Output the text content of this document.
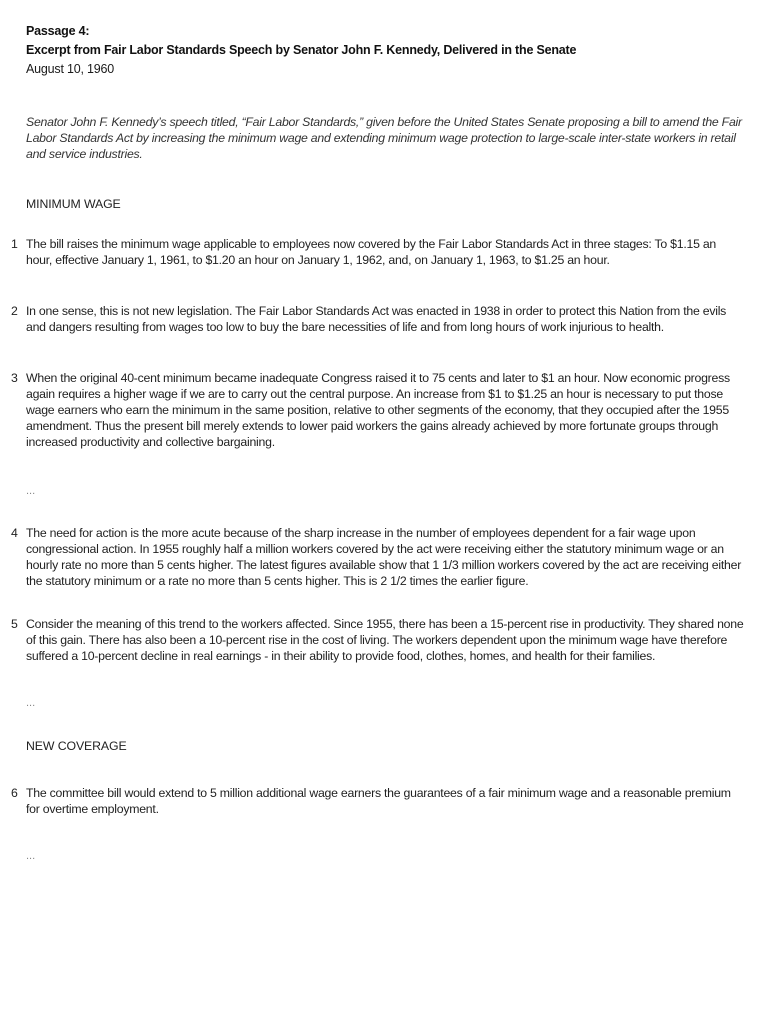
Passage 4:
Excerpt from Fair Labor Standards Speech by Senator John F. Kennedy, Delivered in the Senate
August 10, 1960
Senator John F. Kennedy’s speech titled, “Fair Labor Standards,” given before the United States Senate proposing a bill to amend the Fair Labor Standards Act by increasing the minimum wage and extending minimum wage protection to large-scale inter-state workers in retail and service industries.
MINIMUM WAGE
1 The bill raises the minimum wage applicable to employees now covered by the Fair Labor Standards Act in three stages: To $1.15 an hour, effective January 1, 1961, to $1.20 an hour on January 1, 1962, and, on January 1, 1963, to $1.25 an hour.
2 In one sense, this is not new legislation. The Fair Labor Standards Act was enacted in 1938 in order to protect this Nation from the evils and dangers resulting from wages too low to buy the bare necessities of life and from long hours of work injurious to health.
3 When the original 40-cent minimum became inadequate Congress raised it to 75 cents and later to $1 an hour. Now economic progress again requires a higher wage if we are to carry out the central purpose. An increase from $1 to $1.25 an hour is necessary to put those wage earners who earn the minimum in the same position, relative to other segments of the economy, that they occupied after the 1955 amendment. Thus the present bill merely extends to lower paid workers the gains already achieved by more fortunate groups through increased productivity and collective bargaining.
...
4 The need for action is the more acute because of the sharp increase in the number of employees dependent for a fair wage upon congressional action. In 1955 roughly half a million workers covered by the act were receiving either the statutory minimum wage or an hourly rate no more than 5 cents higher. The latest figures available show that 1 1/3 million workers covered by the act are receiving either the statutory minimum or a rate no more than 5 cents higher. This is 2 1/2 times the earlier figure.
5 Consider the meaning of this trend to the workers affected. Since 1955, there has been a 15-percent rise in productivity. They shared none of this gain. There has also been a 10-percent rise in the cost of living. The workers dependent upon the minimum wage have therefore suffered a 10-percent decline in real earnings - in their ability to provide food, clothes, homes, and health for their families.
...
NEW COVERAGE
6 The committee bill would extend to 5 million additional wage earners the guarantees of a fair minimum wage and a reasonable premium for overtime employment.
...
